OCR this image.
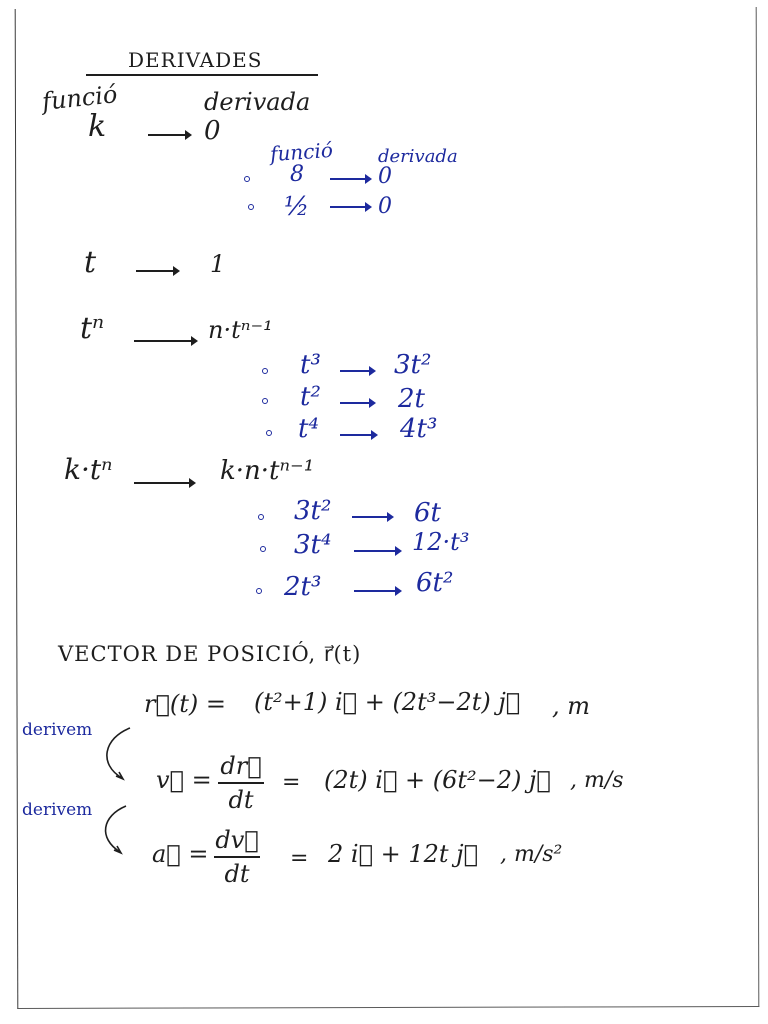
DERIVADES
funció	derivada
k	0
funció derivada
8	0
½	0
t	1
tⁿ	n·tⁿ⁻¹
t³	3t²
t²	2t
t⁴	4t³
k·tⁿ	k·n·tⁿ⁻¹
3t²	6t
3t⁴	12·t³
2t³	6t²
VECTOR DE POSICIÓ, r⃗(t)
r⃗(t) = (t²+1) i⃗ + (2t³−2t) j⃗ , m
derivem
v⃗ = dr⃗
dt
= (2t) i⃗ + (6t²−2) j⃗ , m/s
derivem
a⃗ = dv⃗
dt
= 2 i⃗ + 12t j⃗ , m/s²
